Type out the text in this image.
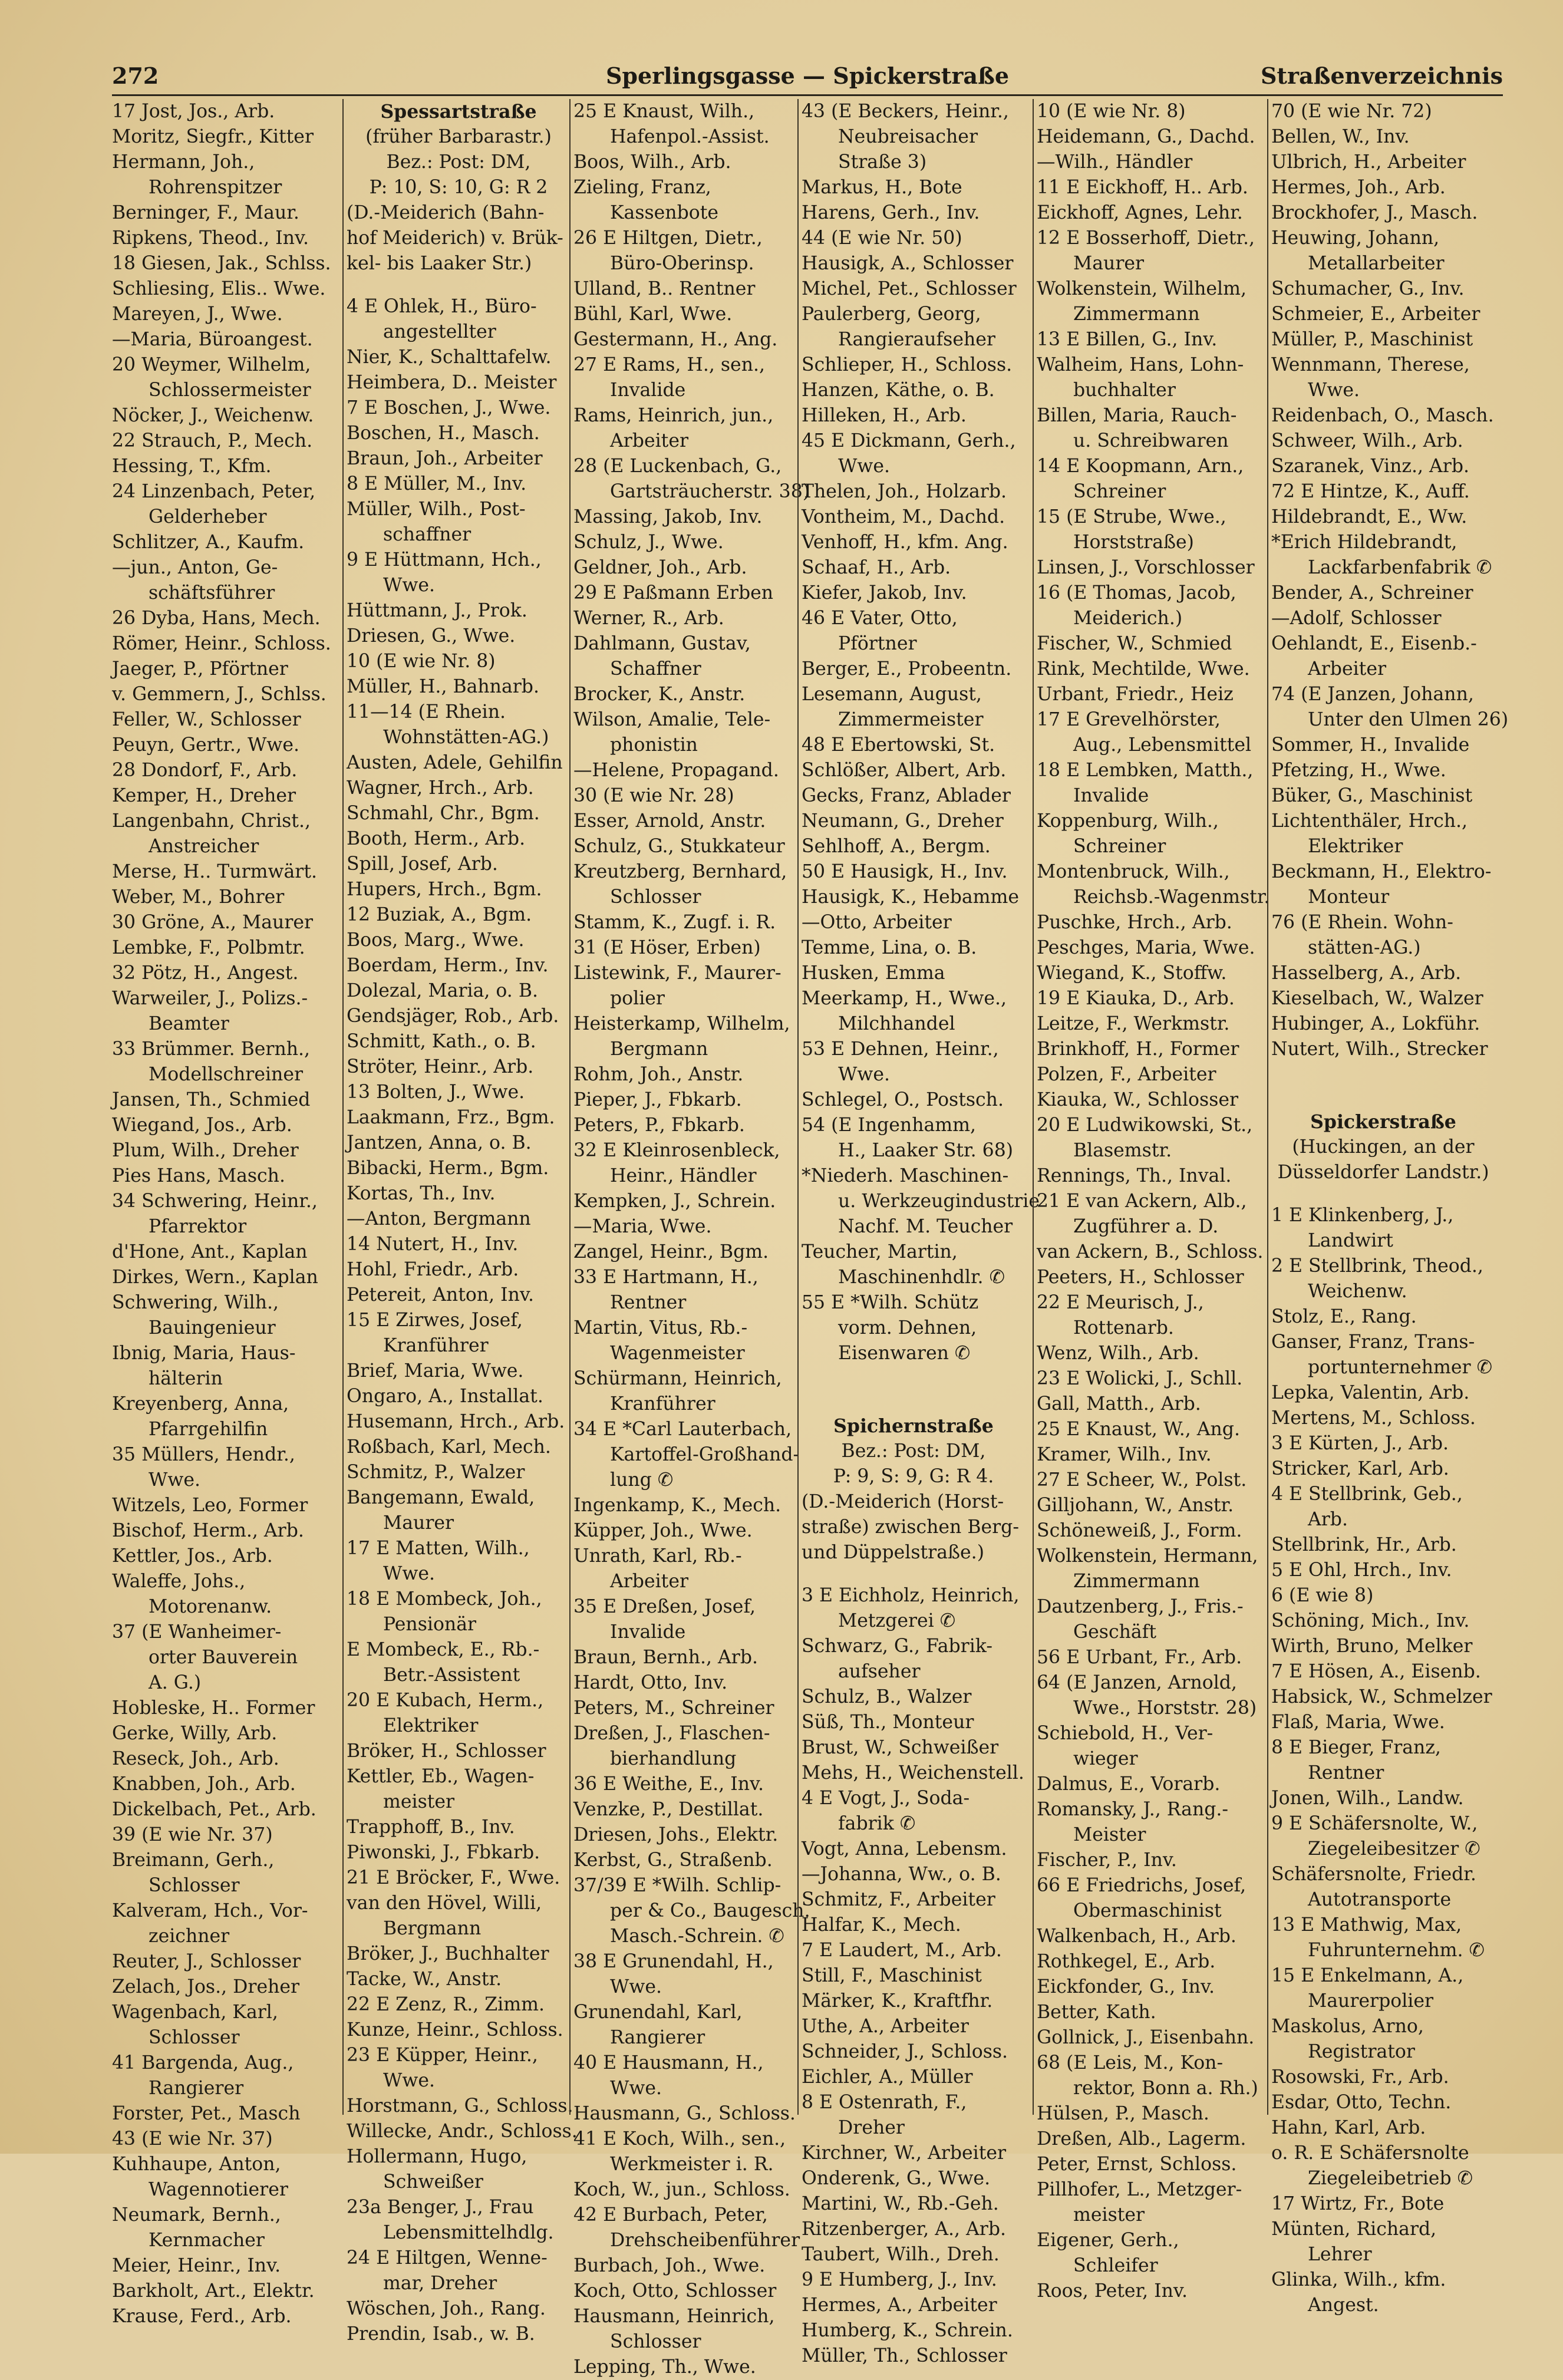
Sperlingsgasse — Spickerstraße
272	Straßenverzeichnis
17 Jost, Jos., Arb.
Moritz, Siegfr., Kitter
Hermann, Joh.,
Rohrenspitzer
Berninger, F., Maur.
Ripkens, Theod., Inv.
18 Giesen, Jak., Schlss.
Schliesing, Elis.. Wwe.
Mareyen, J., Wwe.
—Maria, Büroangest.
20 Weymer, Wilhelm,
Schlossermeister
Nöcker, J., Weichenw.
22 Strauch, P., Mech.
Hessing, T., Kfm.
24 Linzenbach, Peter,
Gelderheber
Schlitzer, A., Kaufm.
—jun., Anton, Ge-
schäftsführer
26 Dyba, Hans, Mech.
Römer, Heinr., Schloss.
Jaeger, P., Pförtner
v. Gemmern, J., Schlss.
Feller, W., Schlosser
Peuyn, Gertr., Wwe.
28 Dondorf, F., Arb.
Kemper, H., Dreher
Langenbahn, Christ.,
Anstreicher
Merse, H.. Turmwärt.
Weber, M., Bohrer
30 Gröne, A., Maurer
Lembke, F., Polbmtr.
32 Pötz, H., Angest.
Warweiler, J., Polizs.-
Beamter
33 Brümmer. Bernh.,
Modellschreiner
Jansen, Th., Schmied
Wiegand, Jos., Arb.
Plum, Wilh., Dreher
Pies Hans, Masch.
34 Schwering, Heinr.,
Pfarrektor
d'Hone, Ant., Kaplan
Dirkes, Wern., Kaplan
Schwering, Wilh.,
Bauingenieur
Ibnig, Maria, Haus-
hälterin
Kreyenberg, Anna,
Pfarrgehilfin
35 Müllers, Hendr.,
Wwe.
Witzels, Leo, Former
Bischof, Herm., Arb.
Kettler, Jos., Arb.
Waleffe, Johs.,
Motorenanw.
37 (E Wanheimer-
orter Bauverein
A. G.)
Hobleske, H.. Former
Gerke, Willy, Arb.
Reseck, Joh., Arb.
Knabben, Joh., Arb.
Dickelbach, Pet., Arb.
39 (E wie Nr. 37)
Breimann, Gerh.,
Schlosser
Kalveram, Hch., Vor-
zeichner
Reuter, J., Schlosser
Zelach, Jos., Dreher
Wagenbach, Karl,
Schlosser
41 Bargenda, Aug.,
Rangierer
Forster, Pet., Masch
43 (E wie Nr. 37)
Kuhhaupe, Anton,
Wagennotierer
Neumark, Bernh.,
Kernmacher
Meier, Heinr., Inv.
Barkholt, Art., Elektr.
Krause, Ferd., Arb.
Spessartstraße
(früher Barbarastr.)
Bez.: Post: DM,
P: 10, S: 10, G: R 2
(D.-Meiderich (Bahn-
hof Meiderich) v. Brük-
kel- bis Laaker Str.)
4 E Ohlek, H., Büro-
angestellter
Nier, K., Schalttafelw.
Heimbera, D.. Meister
7 E Boschen, J., Wwe.
Boschen, H., Masch.
Braun, Joh., Arbeiter
8 E Müller, M., Inv.
Müller, Wilh., Post-
schaffner
9 E Hüttmann, Hch.,
Wwe.
Hüttmann, J., Prok.
Driesen, G., Wwe.
10 (E wie Nr. 8)
Müller, H., Bahnarb.
11—14 (E Rhein.
Wohnstätten-AG.)
Austen, Adele, Gehilfin
Wagner, Hrch., Arb.
Schmahl, Chr., Bgm.
Booth, Herm., Arb.
Spill, Josef, Arb.
Hupers, Hrch., Bgm.
12 Buziak, A., Bgm.
Boos, Marg., Wwe.
Boerdam, Herm., Inv.
Dolezal, Maria, o. B.
Gendsjäger, Rob., Arb.
Schmitt, Kath., o. B.
Ströter, Heinr., Arb.
13 Bolten, J., Wwe.
Laakmann, Frz., Bgm.
Jantzen, Anna, o. B.
Bibacki, Herm., Bgm.
Kortas, Th., Inv.
—Anton, Bergmann
14 Nutert, H., Inv.
Hohl, Friedr., Arb.
Petereit, Anton, Inv.
15 E Zirwes, Josef,
Kranführer
Brief, Maria, Wwe.
Ongaro, A., Installat.
Husemann, Hrch., Arb.
Roßbach, Karl, Mech.
Schmitz, P., Walzer
Bangemann, Ewald,
Maurer
17 E Matten, Wilh.,
Wwe.
18 E Mombeck, Joh.,
Pensionär
E Mombeck, E., Rb.-
Betr.-Assistent
20 E Kubach, Herm.,
Elektriker
Bröker, H., Schlosser
Kettler, Eb., Wagen-
meister
Trapphoff, B., Inv.
Piwonski, J., Fbkarb.
21 E Bröcker, F., Wwe.
van den Hövel, Willi,
Bergmann
Bröker, J., Buchhalter
Tacke, W., Anstr.
22 E Zenz, R., Zimm.
Kunze, Heinr., Schloss.
23 E Küpper, Heinr.,
Wwe.
Horstmann, G., Schloss.
Willecke, Andr., Schloss.
Hollermann, Hugo,
Schweißer
23a Benger, J., Frau
Lebensmittelhdlg.
24 E Hiltgen, Wenne-
mar, Dreher
Wöschen, Joh., Rang.
Prendin, Isab., w. B.
25 E Knaust, Wilh.,
Hafenpol.-Assist.
Boos, Wilh., Arb.
Zieling, Franz,
Kassenbote
26 E Hiltgen, Dietr.,
Büro-Oberinsp.
Ulland, B.. Rentner
Bühl, Karl, Wwe.
Gestermann, H., Ang.
27 E Rams, H., sen.,
Invalide
Rams, Heinrich, jun.,
Arbeiter
28 (E Luckenbach, G.,
Gartsträucherstr. 38)
Massing, Jakob, Inv.
Schulz, J., Wwe.
Geldner, Joh., Arb.
29 E Paßmann Erben
Werner, R., Arb.
Dahlmann, Gustav,
Schaffner
Brocker, K., Anstr.
Wilson, Amalie, Tele-
phonistin
—Helene, Propagand.
30 (E wie Nr. 28)
Esser, Arnold, Anstr.
Schulz, G., Stukkateur
Kreutzberg, Bernhard,
Schlosser
Stamm, K., Zugf. i. R.
31 (E Höser, Erben)
Listewink, F., Maurer-
polier
Heisterkamp, Wilhelm,
Bergmann
Rohm, Joh., Anstr.
Pieper, J., Fbkarb.
Peters, P., Fbkarb.
32 E Kleinrosenbleck,
Heinr., Händler
Kempken, J., Schrein.
—Maria, Wwe.
Zangel, Heinr., Bgm.
33 E Hartmann, H.,
Rentner
Martin, Vitus, Rb.-
Wagenmeister
Schürmann, Heinrich,
Kranführer
34 E *Carl Lauterbach,
Kartoffel-Großhand-
lung ✆
Ingenkamp, K., Mech.
Küpper, Joh., Wwe.
Unrath, Karl, Rb.-
Arbeiter
35 E Dreßen, Josef,
Invalide
Braun, Bernh., Arb.
Hardt, Otto, Inv.
Peters, M., Schreiner
Dreßen, J., Flaschen-
bierhandlung
36 E Weithe, E., Inv.
Venzke, P., Destillat.
Driesen, Johs., Elektr.
Kerbst, G., Straßenb.
37/39 E *Wilh. Schlip-
per & Co., Baugesch.
Masch.-Schrein. ✆
38 E Grunendahl, H.,
Wwe.
Grunendahl, Karl,
Rangierer
40 E Hausmann, H.,
Wwe.
Hausmann, G., Schloss.
41 E Koch, Wilh., sen.,
Werkmeister i. R.
Koch, W., jun., Schloss.
42 E Burbach, Peter,
Drehscheibenführer
Burbach, Joh., Wwe.
Koch, Otto, Schlosser
Hausmann, Heinrich,
Schlosser
Lepping, Th., Wwe.
43 (E Beckers, Heinr.,
Neubreisacher
Straße 3)
Markus, H., Bote
Harens, Gerh., Inv.
44 (E wie Nr. 50)
Hausigk, A., Schlosser
Michel, Pet., Schlosser
Paulerberg, Georg,
Rangieraufseher
Schlieper, H., Schloss.
Hanzen, Käthe, o. B.
Hilleken, H., Arb.
45 E Dickmann, Gerh.,
Wwe.
Thelen, Joh., Holzarb.
Vontheim, M., Dachd.
Venhoff, H., kfm. Ang.
Schaaf, H., Arb.
Kiefer, Jakob, Inv.
46 E Vater, Otto,
Pförtner
Berger, E., Probeentn.
Lesemann, August,
Zimmermeister
48 E Ebertowski, St.
Schlößer, Albert, Arb.
Gecks, Franz, Ablader
Neumann, G., Dreher
Sehlhoff, A., Bergm.
50 E Hausigk, H., Inv.
Hausigk, K., Hebamme
—Otto, Arbeiter
Temme, Lina, o. B.
Husken, Emma
Meerkamp, H., Wwe.,
Milchhandel
53 E Dehnen, Heinr.,
Wwe.
Schlegel, O., Postsch.
54 (E Ingenhamm,
H., Laaker Str. 68)
*Niederh. Maschinen-
u. Werkzeugindustrie
Nachf. M. Teucher
Teucher, Martin,
Maschinenhdlr. ✆
55 E *Wilh. Schütz
vorm. Dehnen,
Eisenwaren ✆
Spichernstraße
Bez.: Post: DM,
P: 9, S: 9, G: R 4.
(D.-Meiderich (Horst-
straße) zwischen Berg-
und Düppelstraße.)
3 E Eichholz, Heinrich,
Metzgerei ✆
Schwarz, G., Fabrik-
aufseher
Schulz, B., Walzer
Süß, Th., Monteur
Brust, W., Schweißer
Mehs, H., Weichenstell.
4 E Vogt, J., Soda-
fabrik ✆
Vogt, Anna, Lebensm.
—Johanna, Ww., o. B.
Schmitz, F., Arbeiter
Halfar, K., Mech.
7 E Laudert, M., Arb.
Still, F., Maschinist
Märker, K., Kraftfhr.
Uthe, A., Arbeiter
Schneider, J., Schloss.
Eichler, A., Müller
8 E Ostenrath, F.,
Dreher
Kirchner, W., Arbeiter
Onderenk, G., Wwe.
Martini, W., Rb.-Geh.
Ritzenberger, A., Arb.
Taubert, Wilh., Dreh.
9 E Humberg, J., Inv.
Hermes, A., Arbeiter
Humberg, K., Schrein.
Müller, Th., Schlosser
10 (E wie Nr. 8)
Heidemann, G., Dachd.
—Wilh., Händler
11 E Eickhoff, H.. Arb.
Eickhoff, Agnes, Lehr.
12 E Bosserhoff, Dietr.,
Maurer
Wolkenstein, Wilhelm,
Zimmermann
13 E Billen, G., Inv.
Walheim, Hans, Lohn-
buchhalter
Billen, Maria, Rauch-
u. Schreibwaren
14 E Koopmann, Arn.,
Schreiner
15 (E Strube, Wwe.,
Horststraße)
Linsen, J., Vorschlosser
16 (E Thomas, Jacob,
Meiderich.)
Fischer, W., Schmied
Rink, Mechtilde, Wwe.
Urbant, Friedr., Heiz
17 E Grevelhörster,
Aug., Lebensmittel
18 E Lembken, Matth.,
Invalide
Koppenburg, Wilh.,
Schreiner
Montenbruck, Wilh.,
Reichsb.-Wagenmstr.
Puschke, Hrch., Arb.
Peschges, Maria, Wwe.
Wiegand, K., Stoffw.
19 E Kiauka, D., Arb.
Leitze, F., Werkmstr.
Brinkhoff, H., Former
Polzen, F., Arbeiter
Kiauka, W., Schlosser
20 E Ludwikowski, St.,
Blasemstr.
Rennings, Th., Inval.
21 E van Ackern, Alb.,
Zugführer a. D.
van Ackern, B., Schloss.
Peeters, H., Schlosser
22 E Meurisch, J.,
Rottenarb.
Wenz, Wilh., Arb.
23 E Wolicki, J., Schll.
Gall, Matth., Arb.
25 E Knaust, W., Ang.
Kramer, Wilh., Inv.
27 E Scheer, W., Polst.
Gilljohann, W., Anstr.
Schöneweiß, J., Form.
Wolkenstein, Hermann,
Zimmermann
Dautzenberg, J., Fris.-
Geschäft
56 E Urbant, Fr., Arb.
64 (E Janzen, Arnold,
Wwe., Horststr. 28)
Schiebold, H., Ver-
wieger
Dalmus, E., Vorarb.
Romansky, J., Rang.-
Meister
Fischer, P., Inv.
66 E Friedrichs, Josef,
Obermaschinist
Walkenbach, H., Arb.
Rothkegel, E., Arb.
Eickfonder, G., Inv.
Better, Kath.
Gollnick, J., Eisenbahn.
68 (E Leis, M., Kon-
rektor, Bonn a. Rh.)
Hülsen, P., Masch.
Dreßen, Alb., Lagerm.
Peter, Ernst, Schloss.
Pillhofer, L., Metzger-
meister
Eigener, Gerh.,
Schleifer
Roos, Peter, Inv.
70 (E wie Nr. 72)
Bellen, W., Inv.
Ulbrich, H., Arbeiter
Hermes, Joh., Arb.
Brockhofer, J., Masch.
Heuwing, Johann,
Metallarbeiter
Schumacher, G., Inv.
Schmeier, E., Arbeiter
Müller, P., Maschinist
Wennmann, Therese,
Wwe.
Reidenbach, O., Masch.
Schweer, Wilh., Arb.
Szaranek, Vinz., Arb.
72 E Hintze, K., Auff.
Hildebrandt, E., Ww.
*Erich Hildebrandt,
Lackfarbenfabrik ✆
Bender, A., Schreiner
—Adolf, Schlosser
Oehlandt, E., Eisenb.-
Arbeiter
74 (E Janzen, Johann,
Unter den Ulmen 26)
Sommer, H., Invalide
Pfetzing, H., Wwe.
Büker, G., Maschinist
Lichtenthäler, Hrch.,
Elektriker
Beckmann, H., Elektro-
Monteur
76 (E Rhein. Wohn-
stätten-AG.)
Hasselberg, A., Arb.
Kieselbach, W., Walzer
Hubinger, A., Lokführ.
Nutert, Wilh., Strecker
Spickerstraße
(Huckingen, an der
Düsseldorfer Landstr.)
1 E Klinkenberg, J.,
Landwirt
2 E Stellbrink, Theod.,
Weichenw.
Stolz, E., Rang.
Ganser, Franz, Trans-
portunternehmer ✆
Lepka, Valentin, Arb.
Mertens, M., Schloss.
3 E Kürten, J., Arb.
Stricker, Karl, Arb.
4 E Stellbrink, Geb.,
Arb.
Stellbrink, Hr., Arb.
5 E Ohl, Hrch., Inv.
6 (E wie 8)
Schöning, Mich., Inv.
Wirth, Bruno, Melker
7 E Hösen, A., Eisenb.
Habsick, W., Schmelzer
Flaß, Maria, Wwe.
8 E Bieger, Franz,
Rentner
Jonen, Wilh., Landw.
9 E Schäfersnolte, W.,
Ziegeleibesitzer ✆
Schäfersnolte, Friedr.
Autotransporte
13 E Mathwig, Max,
Fuhrunternehm. ✆
15 E Enkelmann, A.,
Maurerpolier
Maskolus, Arno,
Registrator
Rosowski, Fr., Arb.
Esdar, Otto, Techn.
Hahn, Karl, Arb.
o. R. E Schäfersnolte
Ziegeleibetrieb ✆
17 Wirtz, Fr., Bote
Münten, Richard,
Lehrer
Glinka, Wilh., kfm.
Angest.
